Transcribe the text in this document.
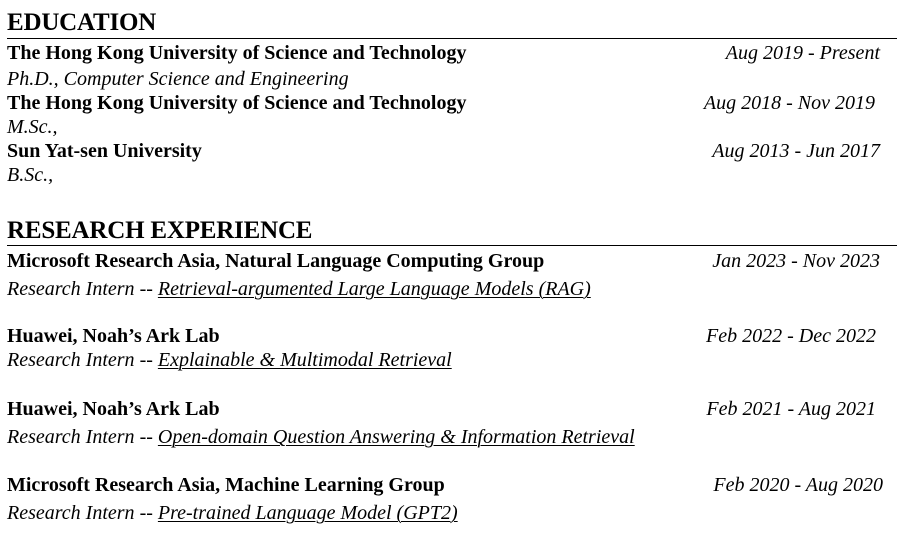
EDUCATION
The Hong Kong University of Science and Technology	Aug 2019 - Present
Ph.D., Computer Science and Engineering
The Hong Kong University of Science and Technology	Aug 2018 - Nov 2019
M.Sc.,
Sun Yat-sen University	Aug 2013 - Jun 2017
B.Sc.,
RESEARCH EXPERIENCE
Microsoft Research Asia, Natural Language Computing Group	Jan 2023 - Nov 2023
Research Intern -- Retrieval-argumented Large Language Models (RAG)
Huawei, Noah’s Ark Lab	Feb 2022 - Dec 2022
Research Intern -- Explainable & Multimodal Retrieval
Huawei, Noah’s Ark Lab	Feb 2021 - Aug 2021
Research Intern -- Open-domain Question Answering & Information Retrieval
Microsoft Research Asia, Machine Learning Group	Feb 2020 - Aug 2020
Research Intern -- Pre-trained Language Model (GPT2)
